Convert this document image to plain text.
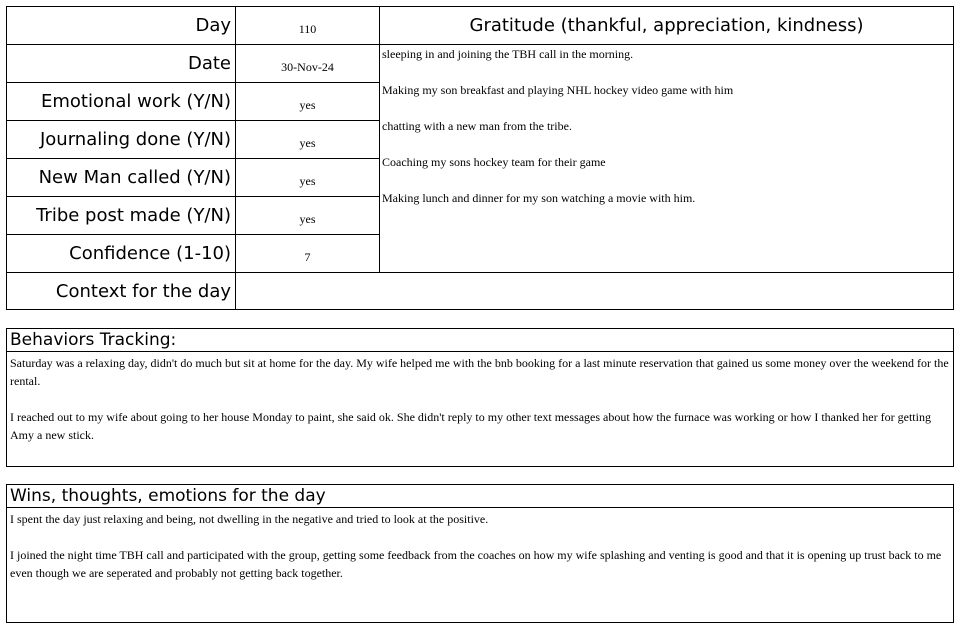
Day	110
Date	30-Nov-24
Emotional work (Y/N)	yes
Journaling done (Y/N)	yes
New Man called (Y/N)	yes
Tribe post made (Y/N)	yes
Confidence (1-10)	7
Context for the day
Gratitude (thankful, appreciation, kindness)
sleeping in and joining the TBH call in the morning.
Making my son breakfast and playing NHL hockey video game with him
chatting with a new man from the tribe.
Coaching my sons hockey team for their game
Making lunch and dinner for my son watching a movie with him.
Behaviors Tracking:
Saturday was a relaxing day, didn't do much but sit at home for the day. My wife helped me with the bnb booking for a last minute reservation that gained us some money over the weekend for the rental.
I reached out to my wife about going to her house Monday to paint, she said ok. She didn't reply to my other text messages about how the furnace was working or how I thanked her for getting Amy a new stick.
Wins, thoughts, emotions for the day
I spent the day just relaxing and being, not dwelling in the negative and tried to look at the positive.
I joined the night time TBH call and participated with the group, getting some feedback from the coaches on how my wife splashing and venting is good and that it is opening up trust back to me even though we are seperated and probably not getting back together.
